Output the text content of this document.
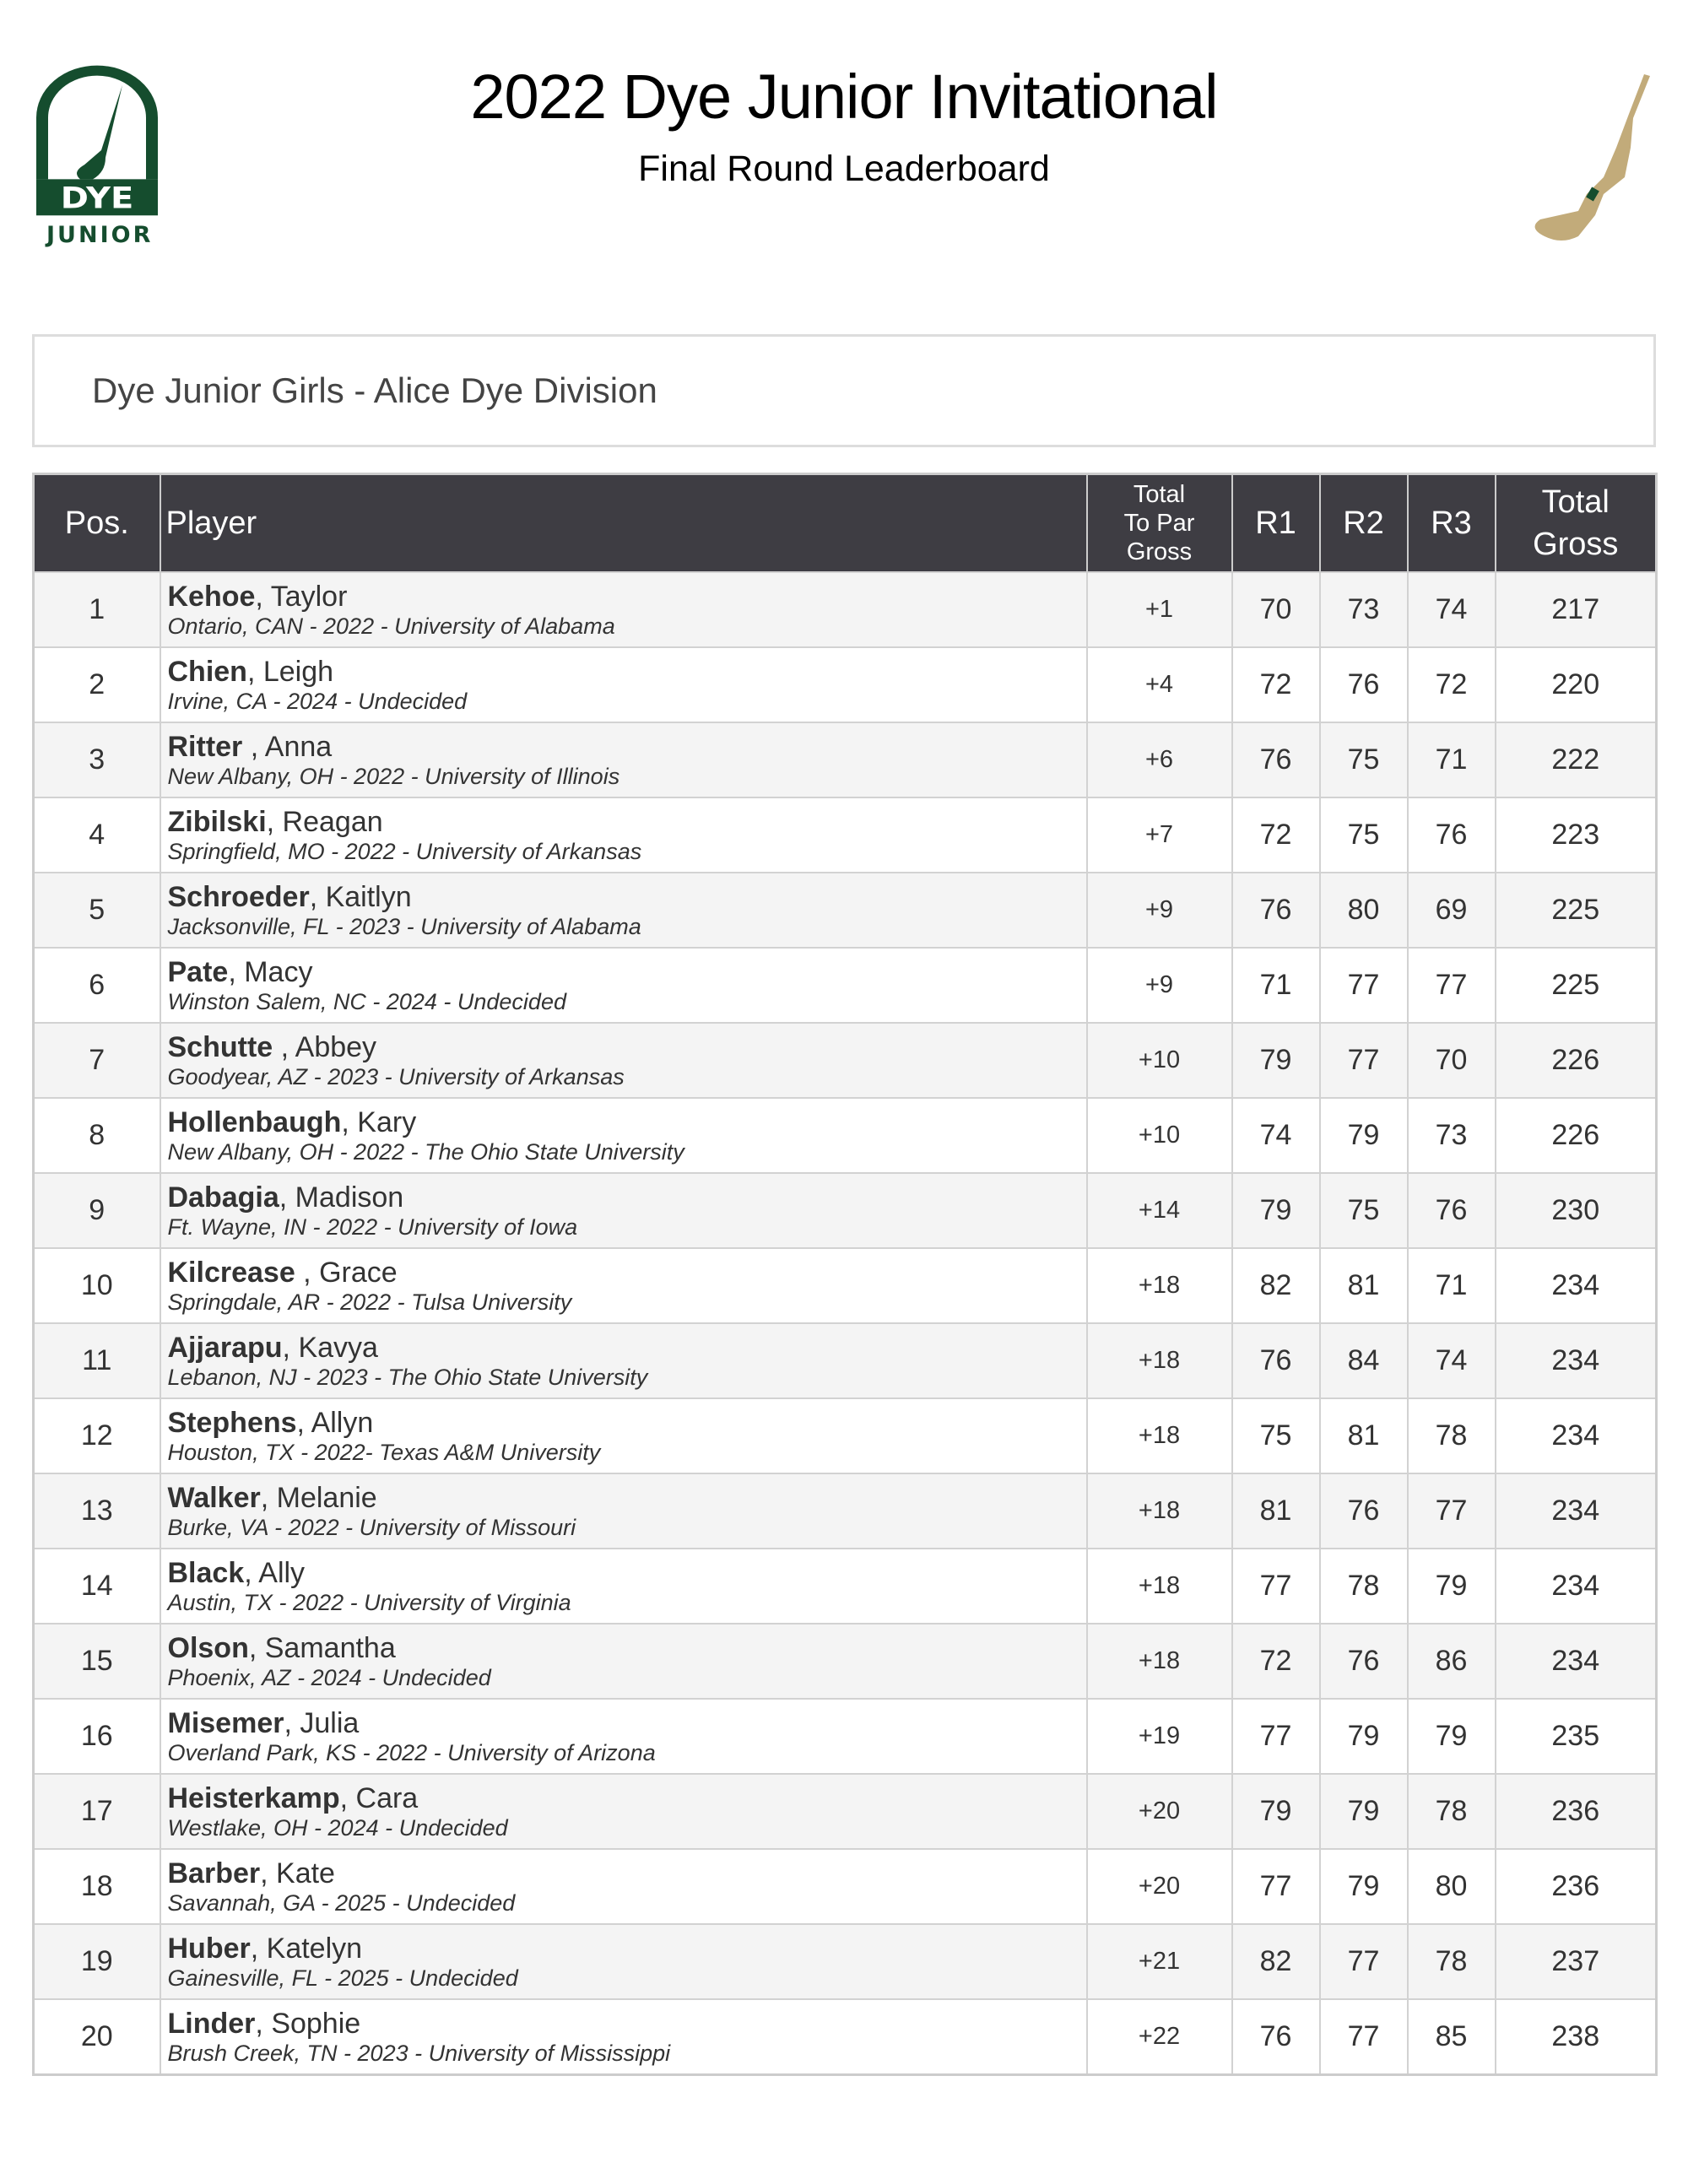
DYE
JUNIOR
2022 Dye Junior Invitational
Final Round Leaderboard
Dye Junior Girls - Alice Dye Division
Pos.	Player	Total
To Par
Gross	R1	R2	R3	Total
Gross
1	Kehoe, Taylor
Ontario, CAN - 2022 - University of Alabama	+1	70	73	74	217
2	Chien, Leigh
Irvine, CA - 2024 - Undecided	+4	72	76	72	220
3	Ritter , Anna
New Albany, OH - 2022 - University of Illinois	+6	76	75	71	222
4	Zibilski, Reagan
Springfield, MO - 2022 - University of Arkansas	+7	72	75	76	223
5	Schroeder, Kaitlyn
Jacksonville, FL - 2023 - University of Alabama	+9	76	80	69	225
6	Pate, Macy
Winston Salem, NC - 2024 - Undecided	+9	71	77	77	225
7	Schutte , Abbey
Goodyear, AZ - 2023 - University of Arkansas	+10	79	77	70	226
8	Hollenbaugh, Kary
New Albany, OH - 2022 - The Ohio State University	+10	74	79	73	226
9	Dabagia, Madison
Ft. Wayne, IN - 2022 - University of Iowa	+14	79	75	76	230
10	Kilcrease , Grace
Springdale, AR - 2022 - Tulsa University	+18	82	81	71	234
11	Ajjarapu, Kavya
Lebanon, NJ - 2023 - The Ohio State University	+18	76	84	74	234
12	Stephens, Allyn
Houston, TX - 2022- Texas A&M University	+18	75	81	78	234
13	Walker, Melanie
Burke, VA - 2022 - University of Missouri	+18	81	76	77	234
14	Black, Ally
Austin, TX - 2022 - University of Virginia	+18	77	78	79	234
15	Olson, Samantha
Phoenix, AZ - 2024 - Undecided	+18	72	76	86	234
16	Misemer, Julia
Overland Park, KS - 2022 - University of Arizona	+19	77	79	79	235
17	Heisterkamp, Cara
Westlake, OH - 2024 - Undecided	+20	79	79	78	236
18	Barber, Kate
Savannah, GA - 2025 - Undecided	+20	77	79	80	236
19	Huber, Katelyn
Gainesville, FL - 2025 - Undecided	+21	82	77	78	237
20	Linder, Sophie
Brush Creek, TN - 2023 - University of Mississippi	+22	76	77	85	238
